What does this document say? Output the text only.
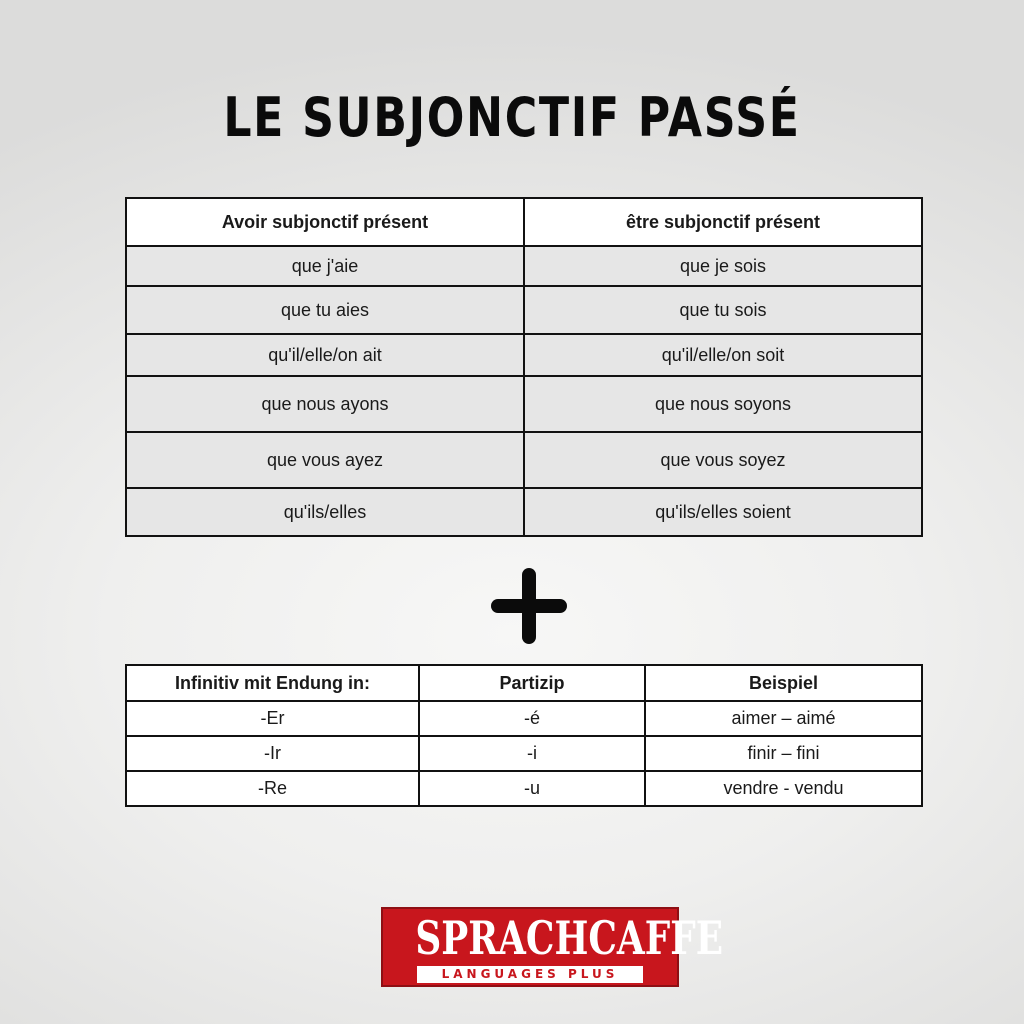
LE SUBJONCTIF PASSÉ
Avoir subjonctif présent	être subjonctif présent
que j'aie	que je sois
que tu aies	que tu sois
qu'il/elle/on ait	qu'il/elle/on soit
que nous ayons	que nous soyons
que vous ayez	que vous soyez
qu'ils/elles	qu'ils/elles soient
Infinitiv mit Endung in:	Partizip	Beispiel
-Er	-é	aimer – aimé
-Ir	-i	finir – fini
-Re	-u	vendre - vendu
SPRACHCAFFE
LANGUAGES PLUS
